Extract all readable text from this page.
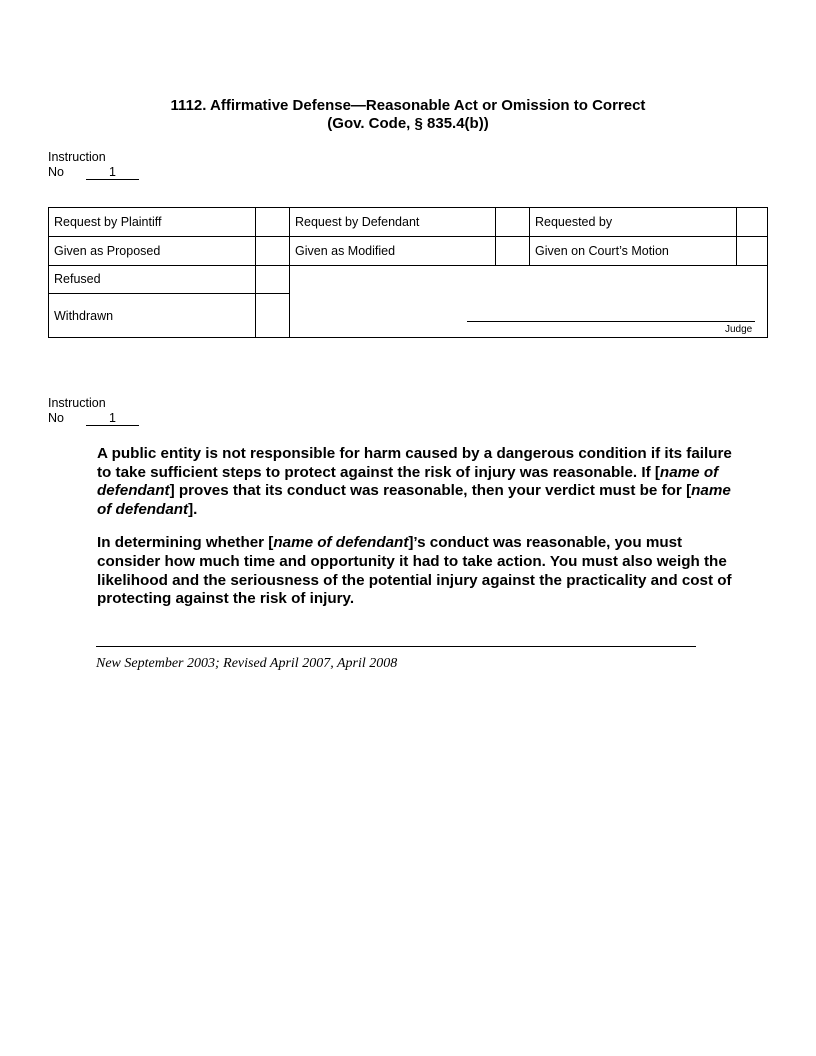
1112. Affirmative Defense—Reasonable Act or Omission to Correct
(Gov. Code, § 835.4(b))
Instruction
No	1
Request by Plaintiff	Request by Defendant	Requested by
Given as Proposed	Given as Modified	Given on Court’s Motion
Refused
Withdrawn
Judge
Instruction
No	1

A public entity is not responsible for harm caused by a dangerous condition if its failure to take sufficient steps to protect against the risk of injury was reasonable. If [name of defendant] proves that its conduct was reasonable, then your verdict must be for [name of defendant].

In determining whether [name of defendant]’s conduct was reasonable, you must consider how much time and opportunity it had to take action. You must also weigh the likelihood and the seriousness of the potential injury against the practicality and cost of protecting against the risk of injury.

New September 2003; Revised April 2007, April 2008
